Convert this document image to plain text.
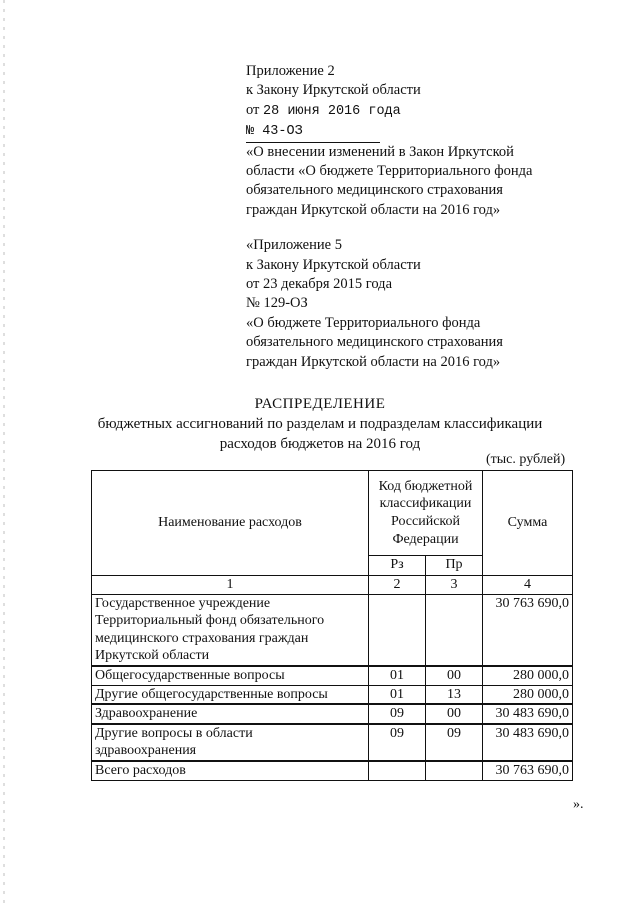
Приложение 2
к Закону Иркутской области
от 28 июня 2016 года
№ 43-ОЗ
«О внесении изменений в Закон Иркутской
области «О бюджете Территориального фонда
обязательного медицинского страхования
граждан Иркутской области на 2016 год»
«Приложение 5
к Закону Иркутской области
от 23 декабря 2015 года
№ 129-ОЗ
«О бюджете Территориального фонда
обязательного медицинского страхования
граждан Иркутской области на 2016 год»
РАСПРЕДЕЛЕНИЕ
бюджетных ассигнований по разделам и подразделам классификации
расходов бюджетов на 2016 год
(тыс. рублей)
Наименование расходов	Код бюджетной
классификации
Российской
Федерации		Сумма
	Рз	Пр	
1	2	3	4

Государственное учреждение
Территориальный фонд обязательного
медицинского страхования граждан
Иркутской области			30 763 690,0
Общегосударственные вопросы	01	00	280 000,0
Другие общегосударственные вопросы	01	13	280 000,0
Здравоохранение	09	00	30 483 690,0

Другие вопросы в области
здравоохранения	09	09	30 483 690,0
Всего расходов			30 763 690,0
».
